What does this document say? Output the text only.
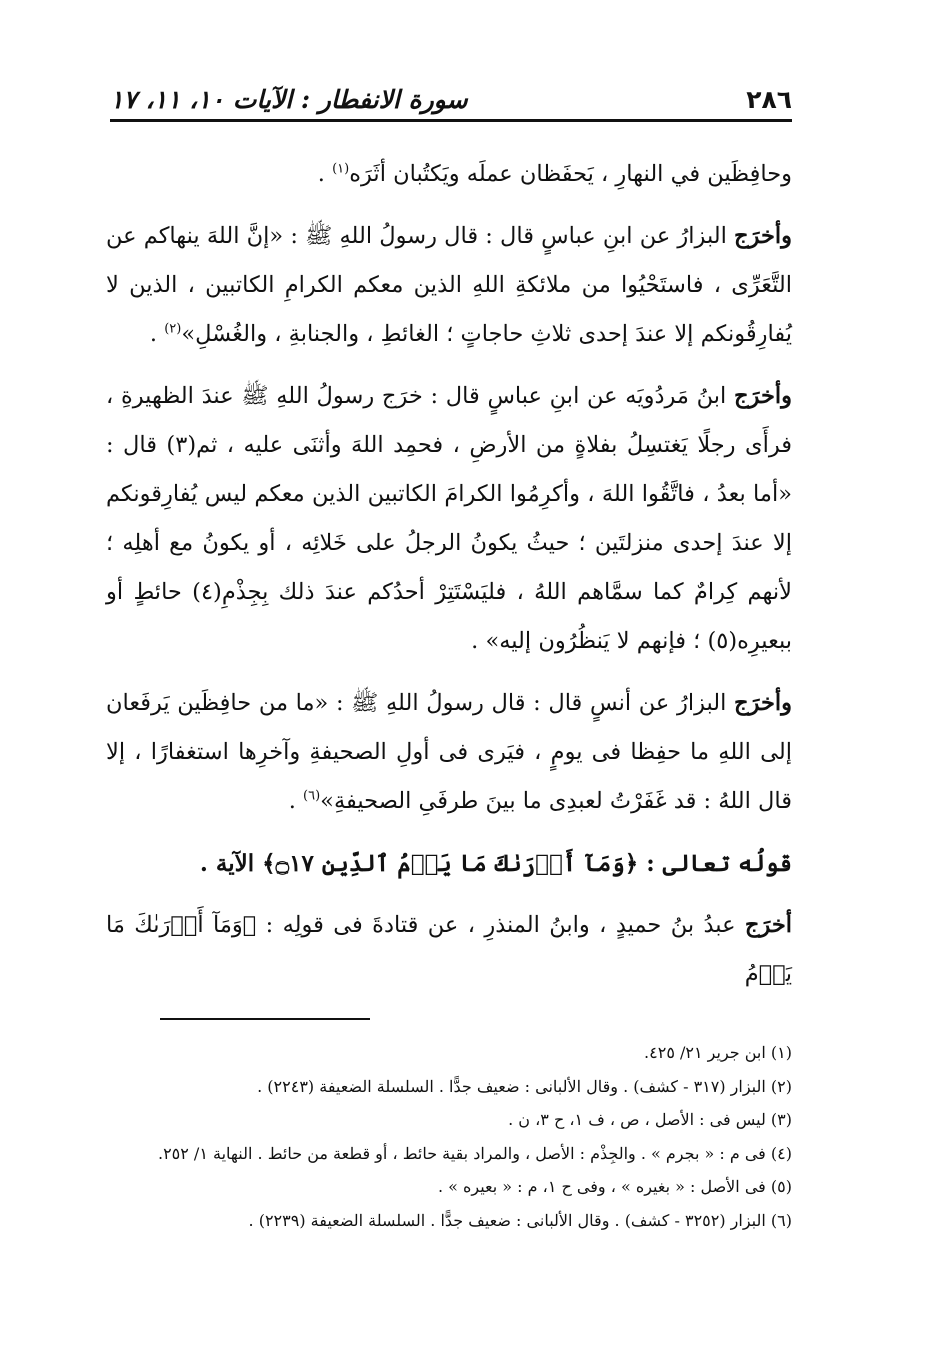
٢٨٦
سورة الانفطار : الآيات ١٠، ١١، ١٧

وحافِظَين في النهارِ ، يَحفَظان عملَه ويَكتُبان أثَرَه$^{(١)}$ .

وأخرَج البزارُ عن ابنِ عباسٍ قال : قال رسولُ اللهِ ﷺ : «إنَّ اللهَ ينهاكم عن التَّعَرِّى ، فاستَحْيُوا من ملائكةِ اللهِ الذين معكم الكرامِ الكاتبين ، الذين لا يُفارِقُونكم إلا عندَ إحدى ثلاثِ حاجاتٍ ؛ الغائطِ ، والجنابةِ ، والغُسْلِ»$^{(٢)}$ .

وأخرَج ابنُ مَردُويَه عن ابنِ عباسٍ قال : خرَج رسولُ اللهِ ﷺ عندَ الظهيرةِ ، فرأَى رجلًا يَغتسِلُ بفلاةٍ من الأرضِ ، فحمِد اللهَ وأثنَى عليه ، ثم(٣) قال : «أما بعدُ ، فاتَّقُوا اللهَ ، وأكرِمُوا الكرامَ الكاتبين الذين معكم ليس يُفارِقونكم إلا عندَ إحدى منزلتَين ؛ حيثُ يكونُ الرجلُ على خَلائِه ، أو يكونُ مع أهلِه ؛ لأنهم كِرامٌ كما سمَّاهم اللهُ ، فليَسْتَتِرْ أحدُكم عندَ ذلك بِجِذْمِ(٤) حائطٍ أو ببعيرِه(٥) ؛ فإنهم لا يَنظُرُون إليه» .

وأخرَج البزارُ عن أنسٍ قال : قال رسولُ اللهِ ﷺ : «ما من حافِظَين يَرفَعان إلى اللهِ ما حفِظا فى يومٍ ، فيَرى فى أولِ الصحيفةِ وآخرِها استغفارًا ، إلا قال اللهُ : قد غَفَرْتُ لعبدِى ما بينَ طرفَىِ الصحيفةِ»$^{(٦)}$ .

قولُه تعالى : ﴿وَمَآ أَدۡرَىٰكَ مَا يَوۡمُ ٱلدِّينِ ۝١٧﴾ الآية .

أخرَج عبدُ بنُ حميدٍ ، وابنُ المنذرِ ، عن قتادةَ فى قولِه : ﴿وَمَآ أَدۡرَىٰكَ مَا يَوۡمُ

(١) ابن جرير ٢١/ ٤٢٥.
(٢) البزار (٣١٧ - كشف) . وقال الألبانى : ضعيف جدًّا . السلسلة الضعيفة (٢٢٤٣) .
(٣) ليس فى : الأصل ، ص ، ف ١، ح ٣، ن .
(٤) فى م : « بجرم » . والجِذْم : الأصل ، والمراد بقية حائط ، أو قطعة من حائط . النهاية ١/ ٢٥٢.
(٥) فى الأصل : « بغيره » ، وفى ح ١، م : « بعيره » .
(٦) البزار (٣٢٥٢ - كشف) . وقال الألبانى : ضعيف جدًّا . السلسلة الضعيفة (٢٢٣٩) .
